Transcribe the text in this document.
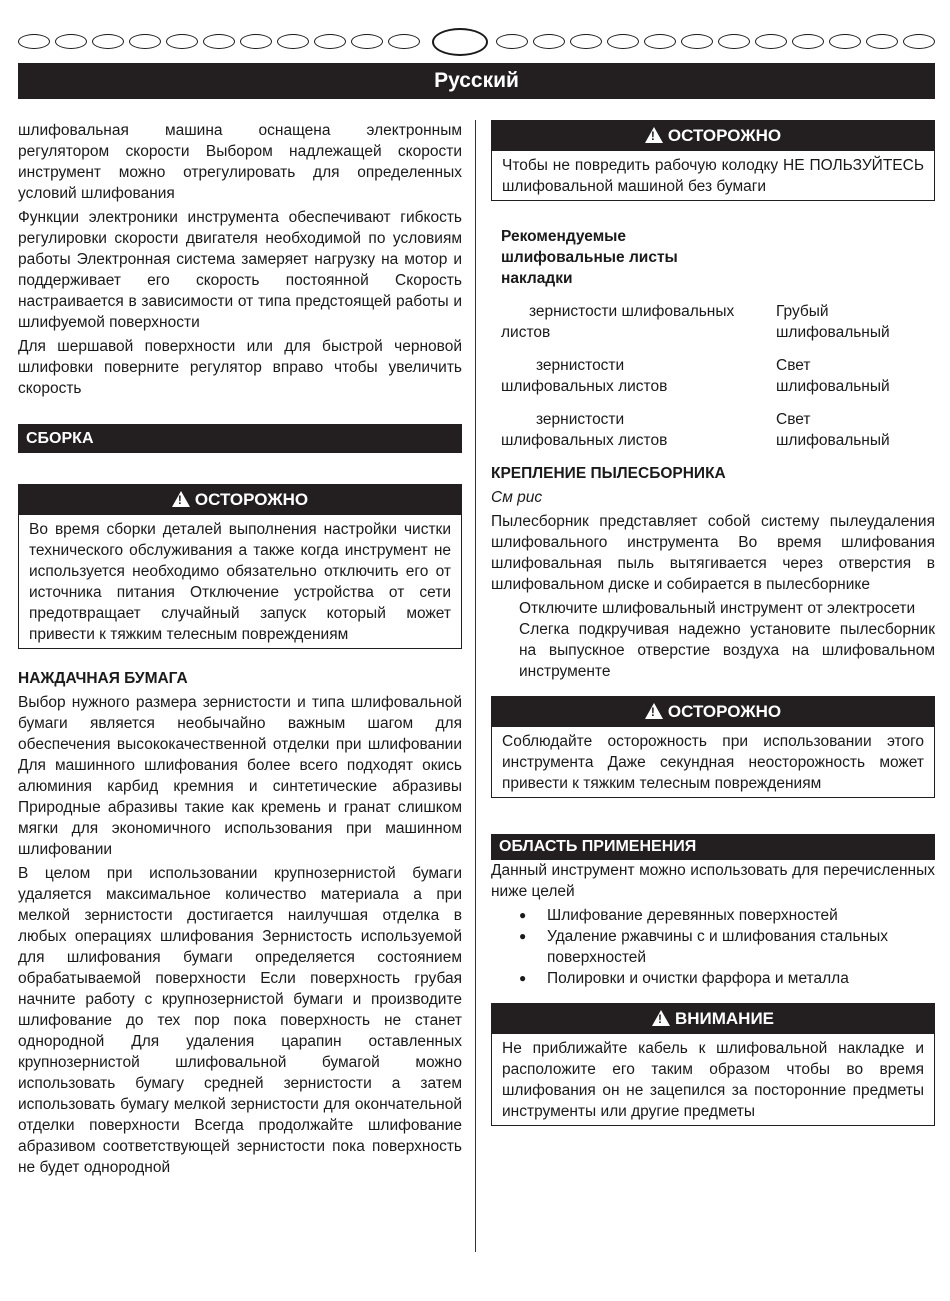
Русский

шлифовальная машина оснащена электронным регулятором скорости Выбором надлежащей скорости инструмент можно отрегулировать для определенных условий шлифования

Функции электроники инструмента обеспечивают гибкость регулировки скорости двигателя необходимой по условиям работы Электронная система замеряет нагрузку на мотор и поддерживает его скорость постоянной Скорость настраивается в зависимости от типа предстоящей работы и шлифуемой поверхности

Для шершавой поверхности или для быстрой черновой шлифовки поверните регулятор вправо чтобы увеличить скорость

СБОРКА
!ОСТОРОЖНО
Во время сборки деталей выполнения настройки чистки технического обслуживания а также когда инструмент не используется необходимо обязательно отключить его от источника питания Отключение устройства от сети предотвращает случайный запуск который может привести к тяжким телесным повреждениям
НАЖДАЧНАЯ БУМАГА

Выбор нужного размера зернистости и типа шлифовальной бумаги является необычайно важным шагом для обеспечения высококачественной отделки при шлифовании Для машинного шлифования более всего подходят окись алюминия карбид кремния и синтетические абразивы Природные абразивы такие как кремень и гранат слишком мягки для экономичного использования при машинном шлифовании

В целом при использовании крупнозернистой бумаги удаляется максимальное количество материала а при мелкой зернистости достигается наилучшая отделка в любых операциях шлифования Зернистость используемой для шлифования бумаги определяется состоянием обрабатываемой поверхности Если поверхность грубая начните работу с крупнозернистой бумаги и производите шлифование до тех пор пока поверхность не станет однородной Для удаления царапин оставленных крупнозернистой шлифовальной бумагой можно использовать бумагу средней зернистости а затем использовать бумагу мелкой зернистости для окончательной отделки поверхности Всегда продолжайте шлифование абразивом соответствующей зернистости пока поверхность не будет однородной

!ОСТОРОЖНО
Чтобы не повредить рабочую колодку НЕ ПОЛЬЗУЙТЕСЬ шлифовальной машиной без бумаги
Рекомендуемые шлифовальные листы накладки
зернистости шлифовальных листов
Грубый шлифовальный
зернистости шлифовальных листов
Свет шлифовальный
зернистости шлифовальных листов
Свет шлифовальный
КРЕПЛЕНИЕ ПЫЛЕСБОРНИКА

См рис

Пылесборник представляет собой систему пылеудаления шлифовального инструмента Во время шлифования шлифовальная пыль вытягивается через отверстия в шлифовальном диске и собирается в пылесборнике

Отключите шлифовальный инструмент от электросети
Слегка подкручивая надежно установите пылесборник на выпускное отверстие воздуха на шлифовальном инструменте
!ОСТОРОЖНО
Соблюдайте осторожность при использовании этого инструмента Даже секундная неосторожность может привести к тяжким телесным повреждениям
ОБЛАСТЬ ПРИМЕНЕНИЯ

Данный инструмент можно использовать для перечисленных ниже целей

● Шлифование деревянных поверхностей
● Удаление ржавчины с и шлифования стальных поверхностей
● Полировки и очистки фарфора и металла
!ВНИМАНИЕ
Не приближайте кабель к шлифовальной накладке и расположите его таким образом чтобы во время шлифования он не зацепился за посторонние предметы инструменты или другие предметы
